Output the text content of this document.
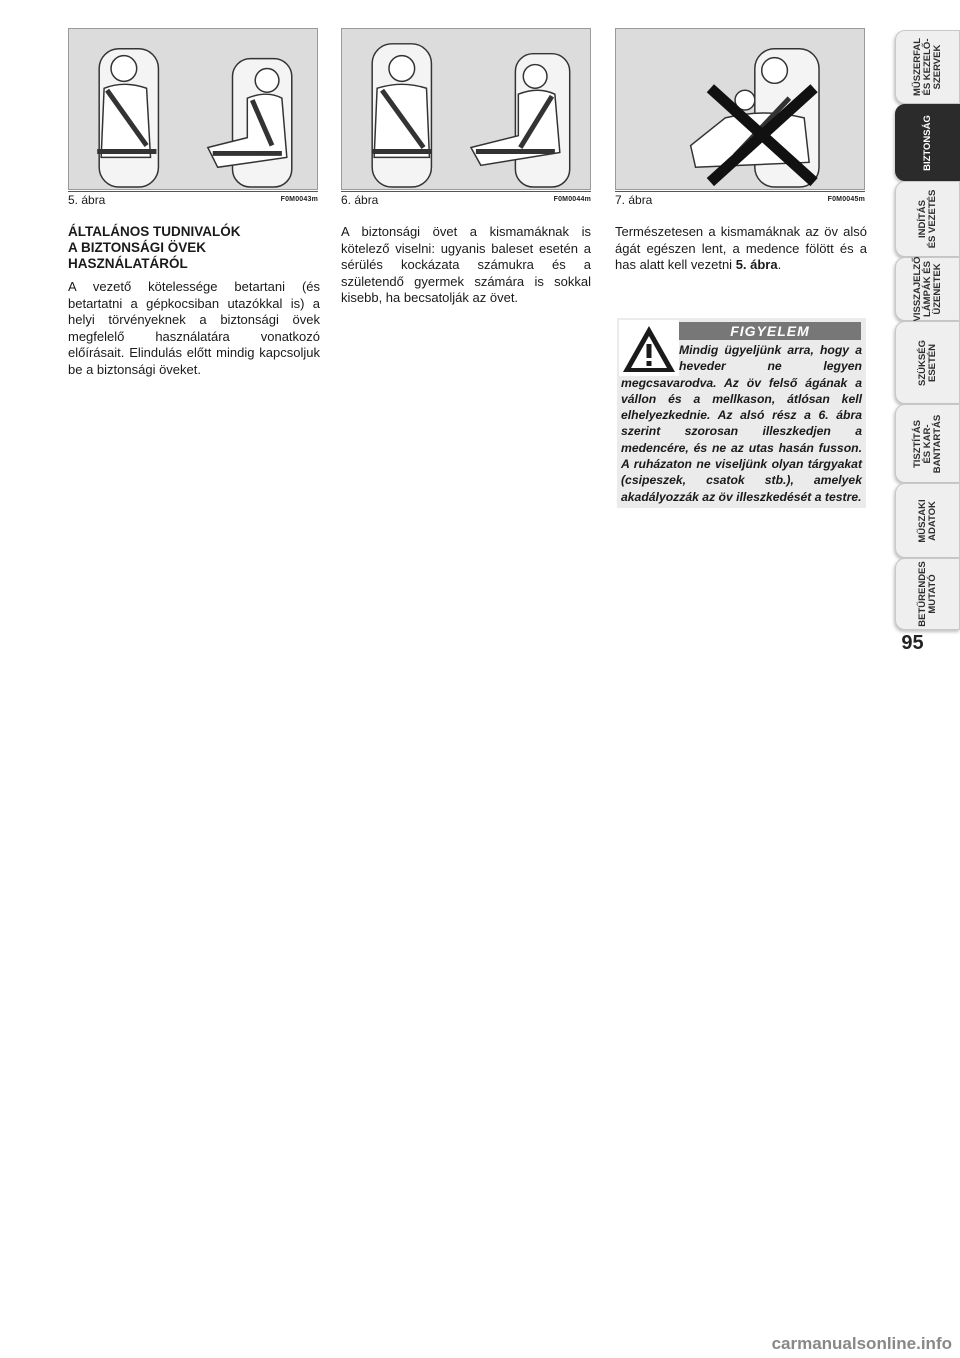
5. ábra	F0M0043m 6. ábra	F0M0044m 7. ábra	F0M0045m
ÁLTALÁNOS TUDNIVALÓK
A BIZTONSÁGI ÖVEK
HASZNÁLATÁRÓL
A vezető kötelessége betartani (és betartatni a gépkocsiban utazókkal is) a helyi törvényeknek a biztonsági övek megfelelő használatára vonatkozó előírásait. Elindulás előtt mindig kapcsoljuk be a biztonsági öveket.
A biztonsági övet a kismamáknak is kötelező viselni: ugyanis baleset esetén a sérülés kockázata számukra és a születendő gyermek számára is sokkal kisebb, ha becsatolják az övet.
Természetesen a kismamáknak az öv alsó ágát egészen lent, a medence fölött és a has alatt kell vezetni 5. ábra.
FIGYELEM
Mindig ügyeljünk arra, hogy a heveder ne legyen megcsavarodva. Az öv felső ágának a vállon és a mellkason, átlósan kell elhelyezkednie. Az alsó rész a 6. ábra szerint szorosan illeszkedjen a medencére, és ne az utas hasán fusson. A ruházaton ne viseljünk olyan tárgyakat (csipeszek, csatok stb.), amelyek akadályozzák az öv illeszkedését a testre.
MŰSZERFAL
ÉS KEZELŐ-
SZERVEK
BIZTONSÁG
INDÍTÁS
ÉS VEZETÉS
VISSZAJELZŐ
LÁMPÁK ÉS
ÜZENETEK
SZÜKSÉG
ESETÉN
TISZTÍTÁS
ÉS KAR-
BANTARTÁS
MŰSZAKI
ADATOK
BETŰRENDES
MUTATÓ
95
carmanualsonline.info
